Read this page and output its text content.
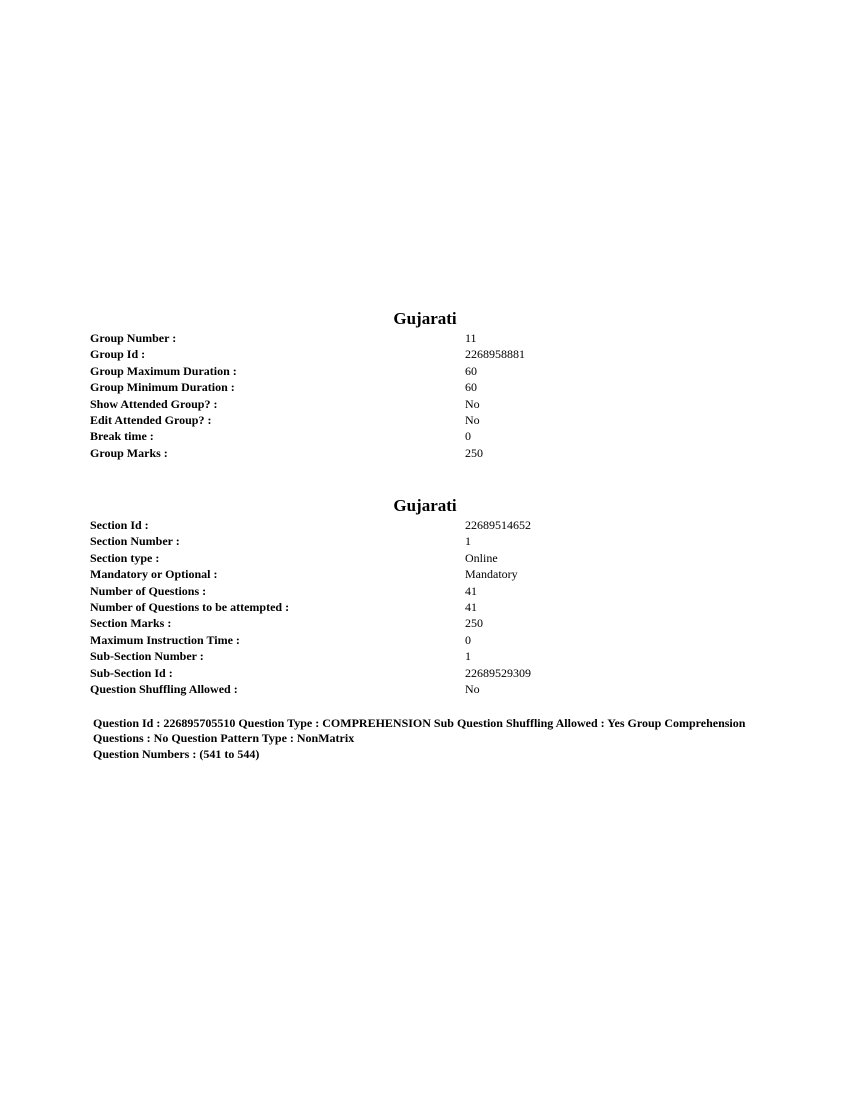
Gujarati
Group Number :	11
Group Id :	2268958881
Group Maximum Duration :	60
Group Minimum Duration :	60
Show Attended Group? :	No
Edit Attended Group? :	No
Break time :	0
Group Marks :	250
Gujarati
Section Id :	22689514652
Section Number :	1
Section type :	Online
Mandatory or Optional :	Mandatory
Number of Questions :	41
Number of Questions to be attempted :	41
Section Marks :	250
Maximum Instruction Time :	0
Sub-Section Number :	1
Sub-Section Id :	22689529309
Question Shuffling Allowed :	No

Question Id : 226895705510 Question Type : COMPREHENSION Sub Question Shuffling Allowed : Yes Group Comprehension Questions : No Question Pattern Type : NonMatrix

Question Numbers : (541 to 544)
